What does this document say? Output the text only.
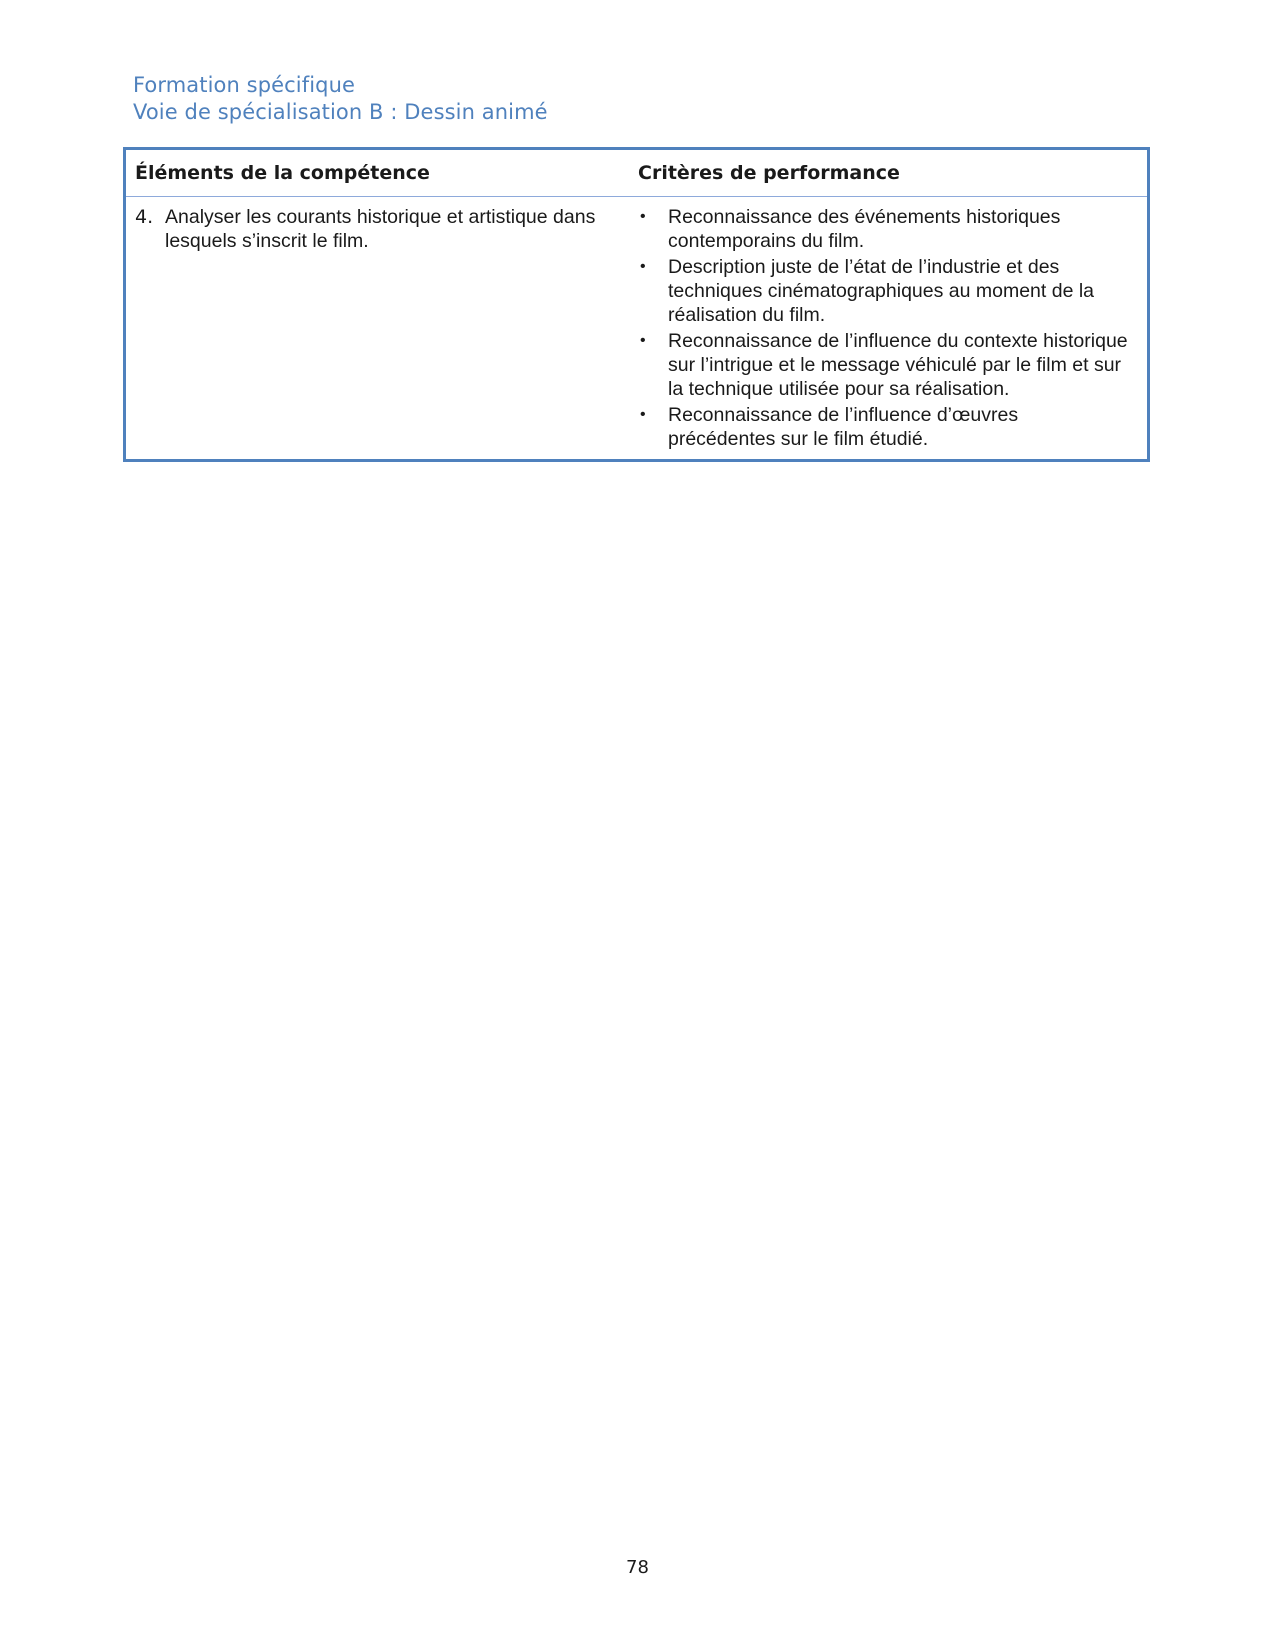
Formation spécifique
Voie de spécialisation B : Dessin animé
Éléments de la compétence	Critères de performance
4. Analyser les courants historique et artistique dans lesquels s’inscrit le film.
•	Reconnaissance des événements historiques contemporains du film.
•	Description juste de l’état de l’industrie et des techniques cinématographiques au moment de la réalisation du film.
•	Reconnaissance de l’influence du contexte historique sur l’intrigue et le message véhiculé par le film et sur la technique utilisée pour sa réalisation.
•	Reconnaissance de l’influence d’œuvres précédentes sur le film étudié.
78
